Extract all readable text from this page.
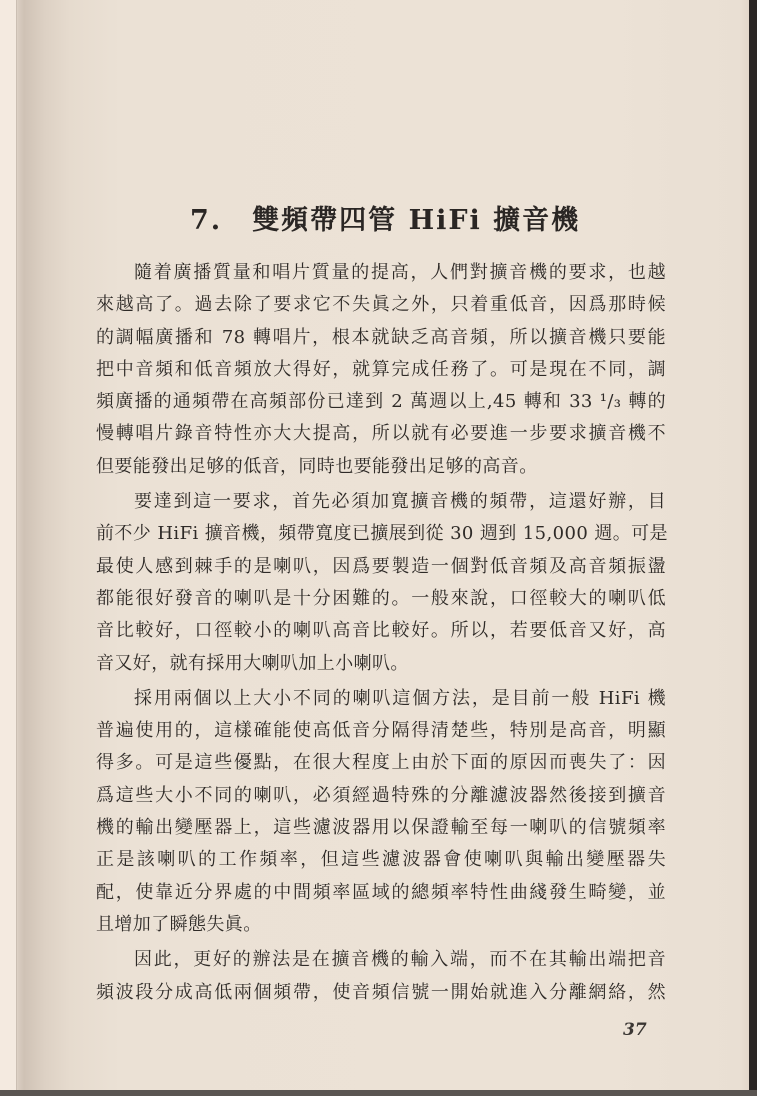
7. 雙頻帶四管 HiFi 擴音機
隨着廣播質量和唱片質量的提高，人們對擴音機的要求，也越
來越高了。過去除了要求它不失眞之外，只着重低音，因爲那時候
的調幅廣播和 78 轉唱片，根本就缺乏高音頻，所以擴音機只要能
把中音頻和低音頻放大得好，就算完成任務了。可是現在不同，調
頻廣播的通頻帶在高頻部份已達到 2 萬週以上,45 轉和 33 ¹/₃ 轉的
慢轉唱片錄音特性亦大大提高，所以就有必要進一步要求擴音機不
但要能發出足够的低音，同時也要能發出足够的高音。
要達到這一要求，首先必須加寬擴音機的頻帶，這還好辦，目
前不少 HiFi 擴音機，頻帶寬度已擴展到從 30 週到 15,000 週。可是
最使人感到棘手的是喇叭，因爲要製造一個對低音頻及高音頻振盪
都能很好發音的喇叭是十分困難的。一般來說，口徑較大的喇叭低
音比較好，口徑較小的喇叭高音比較好。所以，若要低音又好，高
音又好，就有採用大喇叭加上小喇叭。
採用兩個以上大小不同的喇叭這個方法，是目前一般 HiFi 機
普遍使用的，這樣確能使高低音分隔得清楚些，特別是高音，明顯
得多。可是這些優點，在很大程度上由於下面的原因而喪失了：因
爲這些大小不同的喇叭，必須經過特殊的分離濾波器然後接到擴音
機的輸出變壓器上，這些濾波器用以保證輸至每一喇叭的信號頻率
正是該喇叭的工作頻率，但這些濾波器會使喇叭與輸出變壓器失
配，使靠近分界處的中間頻率區域的總頻率特性曲綫發生畸變，並
且增加了瞬態失眞。
因此，更好的辦法是在擴音機的輸入端，而不在其輸出端把音
頻波段分成高低兩個頻帶，使音頻信號一開始就進入分離網絡，然
37
